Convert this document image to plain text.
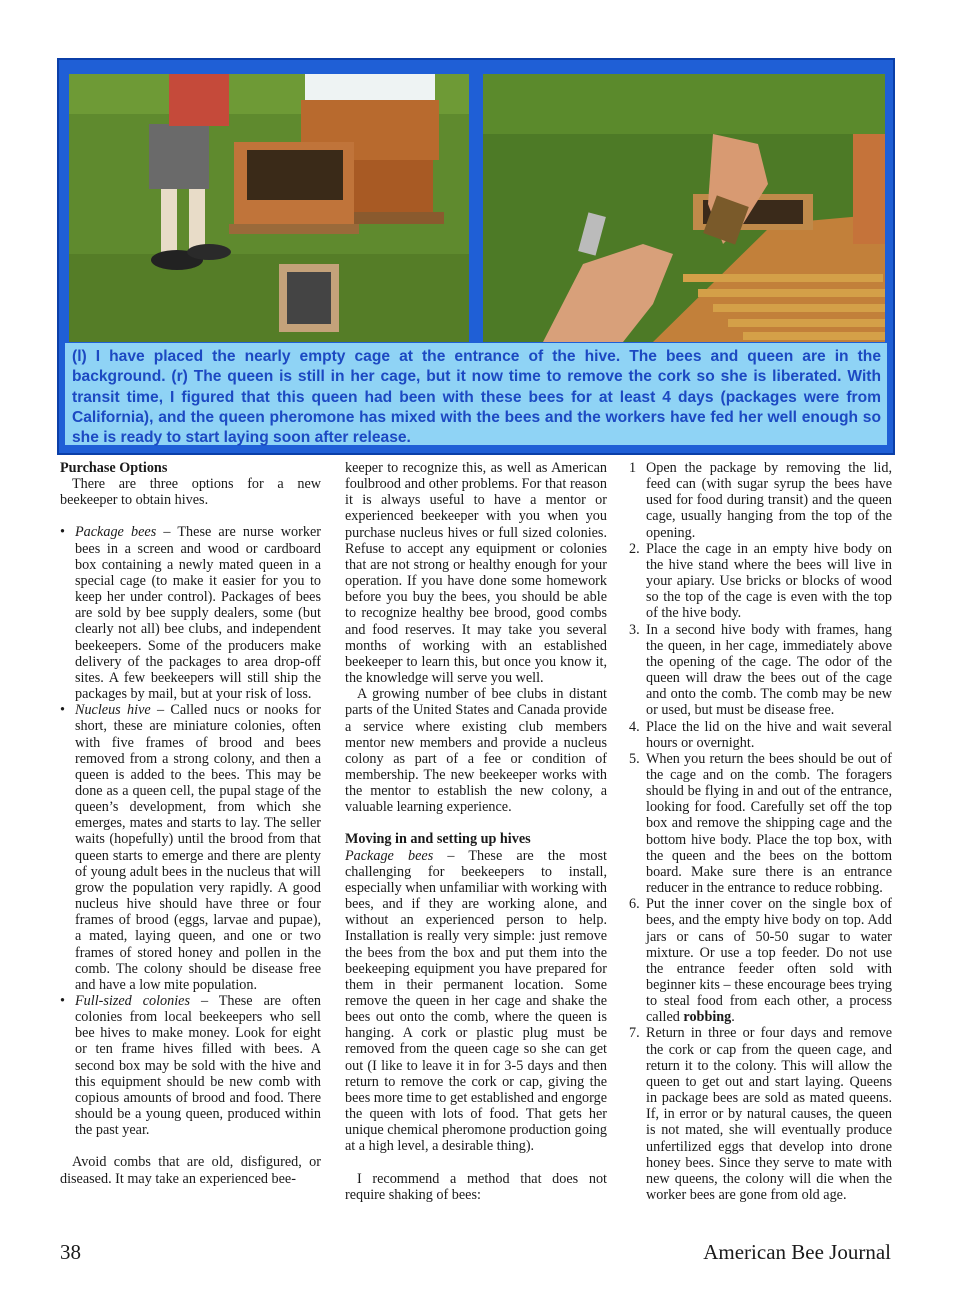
(l) I have placed the nearly empty cage at the entrance of the hive. The bees and queen are in the background. (r) The queen is still in her cage, but it now time to remove the cork so she is liberated. With transit time, I figured that this queen had been with these bees for at least 4 days (packages were from California), and the queen pheromone has mixed with the bees and the workers have fed her well enough so she is ready to start laying soon after release.

Purchase Options

There are three options for a new beekeeper to obtain hives.

• Package bees – These are nurse worker bees in a screen and wood or cardboard box containing a newly mated queen in a special cage (to make it easier for you to keep her under control). Packages of bees are sold by bee supply dealers, some (but clearly not all) bee clubs, and independent beekeepers. Some of the producers make delivery of the packages to area drop-off sites. A few beekeepers will still ship the packages by mail, but at your risk of loss.
• Nucleus hive – Called nucs or nooks for short, these are miniature colonies, often with five frames of brood and bees removed from a strong colony, and then a queen is added to the bees. This may be done as a queen cell, the pupal stage of the queen’s development, from which she emerges, mates and starts to lay. The seller waits (hopefully) until the brood from that queen starts to emerge and there are plenty of young adult bees in the nucleus that will grow the population very rapidly. A good nucleus hive should have three or four frames of brood (eggs, larvae and pupae), a mated, laying queen, and one or two frames of stored honey and pollen in the comb. The colony should be disease free and have a low mite population.
• Full-sized colonies – These are often colonies from local beekeepers who sell bee hives to make money. Look for eight or ten frame hives filled with bees. A second box may be sold with the hive and this equipment should be new comb with copious amounts of brood and food. There should be a young queen, produced within the past year.

Avoid combs that are old, disfigured, or diseased. It may take an experienced bee-

keeper to recognize this, as well as American foulbrood and other problems. For that reason it is always useful to have a mentor or experienced beekeeper with you when you purchase nucleus hives or full sized colonies. Refuse to accept any equipment or colonies that are not strong or healthy enough for your operation. If you have done some homework before you buy the bees, you should be able to recognize healthy bee brood, good combs and food reserves. It may take you several months of working with an established beekeeper to learn this, but once you know it, the knowledge will serve you well.

A growing number of bee clubs in distant parts of the United States and Canada provide a service where existing club members mentor new members and provide a nucleus colony as part of a fee or condition of membership. The new beekeeper works with the mentor to establish the new colony, a valuable learning experience.

Moving in and setting up hives

Package bees – These are the most challenging for beekeepers to install, especially when unfamiliar with working with bees, and if they are working alone, and without an experienced person to help. Installation is really very simple: just remove the bees from the box and put them into the beekeeping equipment you have prepared for them in their permanent location. Some remove the queen in her cage and shake the bees out onto the comb, where the queen is hanging. A cork or plastic plug must be removed from the queen cage so she can get out (I like to leave it in for 3-5 days and then return to remove the cork or cap, giving the bees more time to get established and engorge the queen with lots of food. That gets her unique chemical pheromone production going at a high level, a desirable thing).

I recommend a method that does not require shaking of bees:

1 Open the package by removing the lid, feed can (with sugar syrup the bees have used for food during transit) and the queen cage, usually hanging from the top of the opening.
2. Place the cage in an empty hive body on the hive stand where the bees will live in your apiary. Use bricks or blocks of wood so the top of the cage is even with the top of the hive body.
3. In a second hive body with frames, hang the queen, in her cage, immediately above the opening of the cage. The odor of the queen will draw the bees out of the cage and onto the comb. The comb may be new or used, but must be disease free.
4. Place the lid on the hive and wait several hours or overnight.
5. When you return the bees should be out of the cage and on the comb. The foragers should be flying in and out of the entrance, looking for food. Carefully set off the top box and remove the shipping cage and the bottom hive body. Place the top box, with the queen and the bees on the bottom board. Make sure there is an entrance reducer in the entrance to reduce robbing.
6. Put the inner cover on the single box of bees, and the empty hive body on top. Add jars or cans of 50-50 sugar to water mixture. Or use a top feeder. Do not use the entrance feeder often sold with beginner kits – these encourage bees trying to steal food from each other, a process called robbing.
7. Return in three or four days and remove the cork or cap from the queen cage, and return it to the colony. This will allow the queen to get out and start laying. Queens in package bees are sold as mated queens. If, in error or by natural causes, the queen is not mated, she will eventually produce unfertilized eggs that develop into drone honey bees. Since they serve to mate with new queens, the colony will die when the worker bees are gone from old age.
38	American Bee Journal
